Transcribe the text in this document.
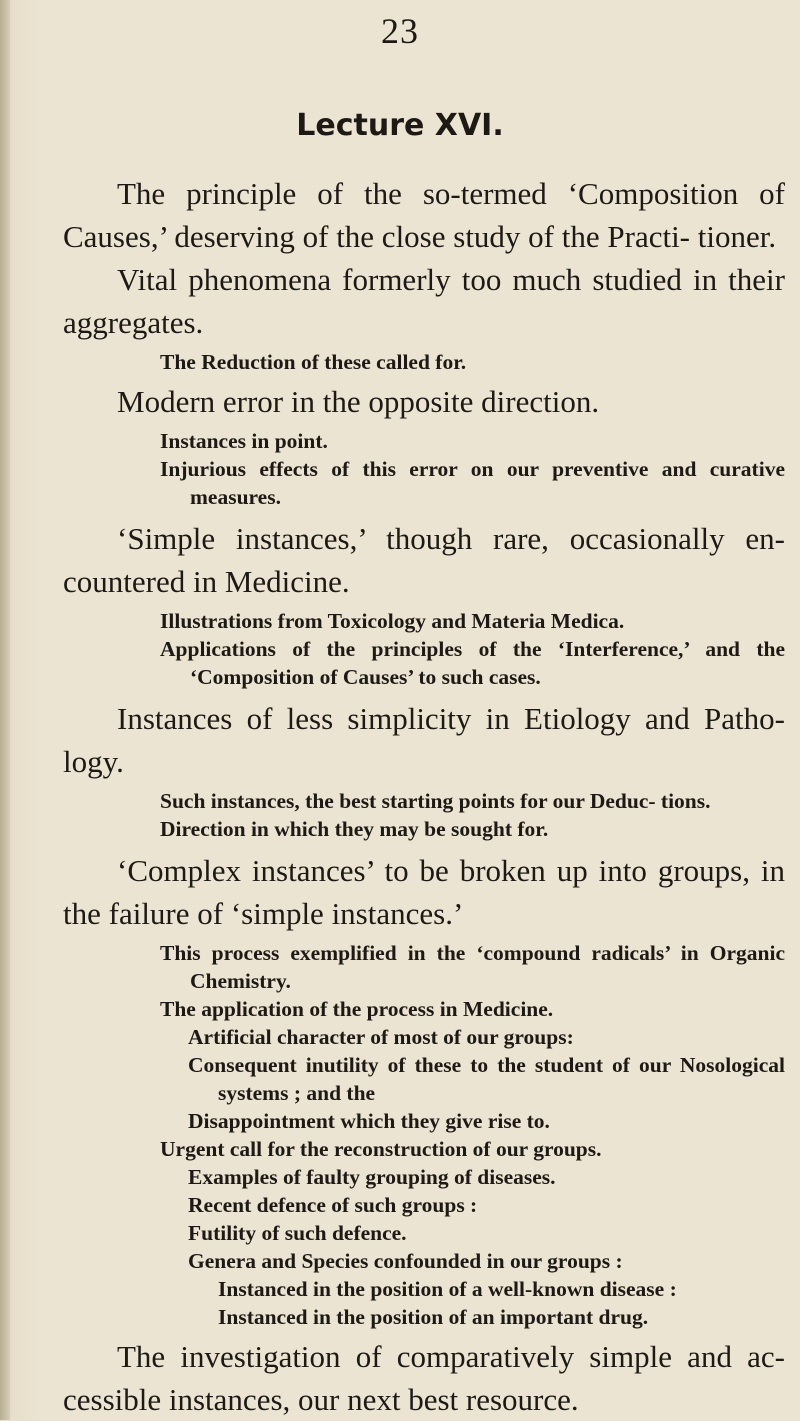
23

Lecture XVI.

The principle of the so-termed ‘Composition of Causes,’ deserving of the close study of the Practi- tioner.

Vital phenomena formerly too much studied in their aggregates.

The Reduction of these called for.

Modern error in the opposite direction.

Instances in point.

Injurious effects of this error on our preventive and curative measures.

‘Simple instances,’ though rare, occasionally en- countered in Medicine.

Illustrations from Toxicology and Materia Medica.

Applications of the principles of the ‘Interference,’ and the ‘Composition of Causes’ to such cases.

Instances of less simplicity in Etiology and Patho- logy.

Such instances, the best starting points for our Deduc- tions.

Direction in which they may be sought for.

‘Complex instances’ to be broken up into groups, in the failure of ‘simple instances.’

This process exemplified in the ‘compound radicals’ in Organic Chemistry.

The application of the process in Medicine.

Artificial character of most of our groups:

Consequent inutility of these to the student of our Nosological systems ; and the

Disappointment which they give rise to.

Urgent call for the reconstruction of our groups.

Examples of faulty grouping of diseases.

Recent defence of such groups :

Futility of such defence.

Genera and Species confounded in our groups :

Instanced in the position of a well-known disease :

Instanced in the position of an important drug.

The investigation of comparatively simple and ac- cessible instances, our next best resource.
